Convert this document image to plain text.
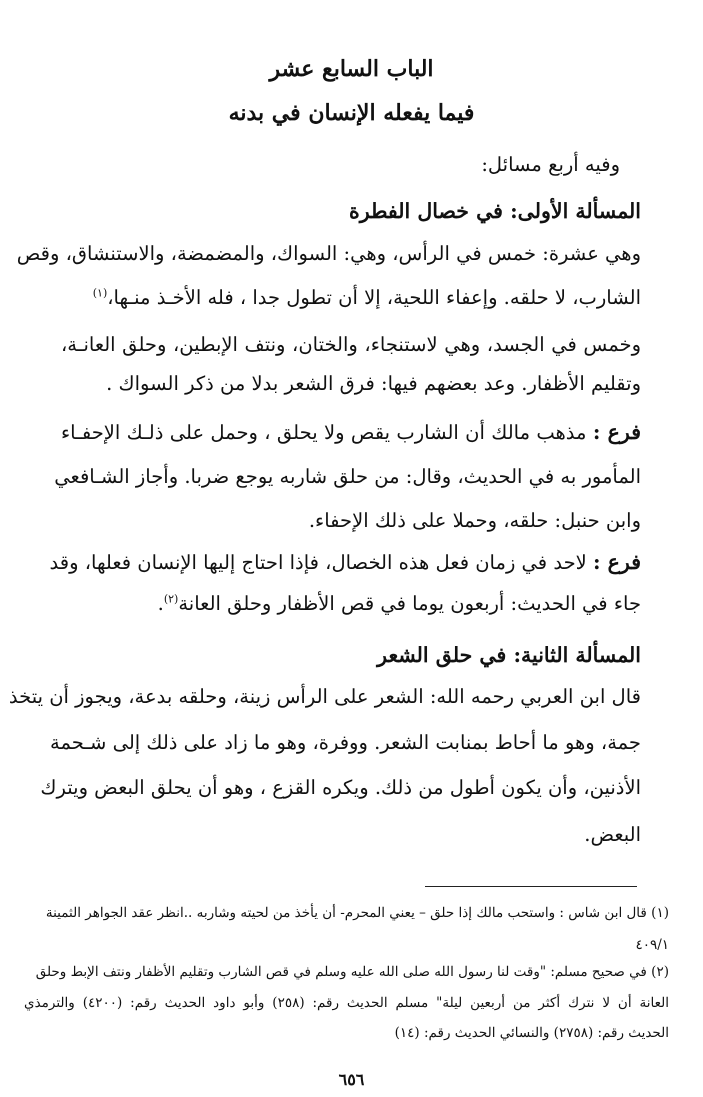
الباب السابع عشر
فيما يفعله الإنسان في بدنه

وفيه أربع مسائل:

المسألة الأولى: في خصال الفطرة

وهي عشرة: خمس في الرأس، وهي: السواك، والمضمضة، والاستنشاق، وقص

الشارب، لا حلقه. وإعفاء اللحية، إلا أن تطول جدا ، فله الأخـذ منـها،$^{(١)}$

وخمس في الجسد، وهي لاستنجاء، والختان، ونتف الإبطين، وحلق العانـة،

وتقليم الأظفار. وعد بعضهم فيها: فرق الشعر بدلا من ذكر السواك .

فرع : مذهب مالك أن الشارب يقص ولا يحلق ، وحمل على ذلـك الإحفـاء

المأمور به في الحديث، وقال: من حلق شاربه يوجع ضربا. وأجاز الشـافعي

وابن حنبل: حلقه، وحملا على ذلك الإحفاء.

فرع : لاحد في زمان فعل هذه الخصال، فإذا احتاج إليها الإنسان فعلها، وقد

جاء في الحديث: أربعون يوما في قص الأظفار وحلق العانة$^{(٢)}$.

المسألة الثانية: في حلق الشعر

قال ابن العربي رحمه الله: الشعر على الرأس زينة، وحلقه بدعة، ويجوز أن يتخذ

جمة، وهو ما أحاط بمنابت الشعر. ووفرة، وهو ما زاد على ذلك إلى شـحمة

الأذنين، وأن يكون أطول من ذلك. ويكره القزع ، وهو أن يحلق البعض ويترك

البعض.

(١) قال ابن شاس : واستحب مالك إذا حلق – يعني المحرم- أن يأخذ من لحيته وشاربه ..انظر عقد الجواهر الثمينة

٤٠٩/١

(٢) في صحيح مسلم: "وقت لنا رسول الله صلى الله عليه وسلم في قص الشارب وتقليم الأظفار ونتف الإبط وحلق

العانة أن لا نترك أكثر من أربعين ليلة" مسلم الحديث رقم: (٢٥٨) وأبو داود الحديث رقم: (٤٢٠٠) والترمذي

الحديث رقم: (٢٧٥٨) والنسائي الحديث رقم: (١٤)

٦٥٦
